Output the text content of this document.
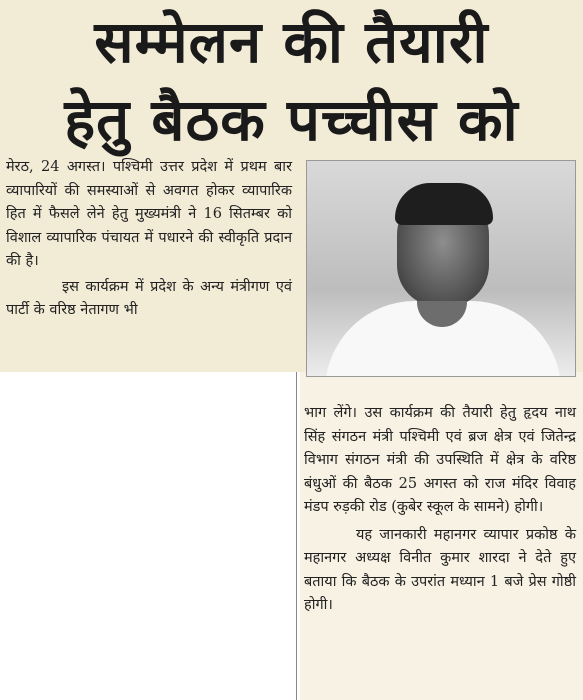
सम्मेलन की तैयारी
हेतु बैठक पच्चीस को

मेरठ, 24 अगस्त। पश्चिमी उत्तर प्रदेश में प्रथम बार व्यापारियों की समस्याओं से अवगत होकर व्यापारिक हित में फैसले लेने हेतु मुख्यमंत्री ने 16 सितम्बर को विशाल व्यापारिक पंचायत में पधारने की स्वीकृति प्रदान की है।

इस कार्यक्रम में प्रदेश के अन्य मंत्रीगण एवं पार्टी के वरिष्ठ नेतागण भी

भाग लेंगे। उस कार्यक्रम की तैयारी हेतु हृदय नाथ सिंह संगठन मंत्री पश्चिमी एवं ब्रज क्षेत्र एवं जितेन्द्र विभाग संगठन मंत्री की उपस्थिति में क्षेत्र के वरिष्ठ बंधुओं की बैठक 25 अगस्त को राज मंदिर विवाह मंडप रुड़की रोड (कुबेर स्कूल के सामने) होगी।

यह जानकारी महानगर व्यापार प्रकोष्ठ के महानगर अध्यक्ष विनीत कुमार शारदा ने देते हुए बताया कि बैठक के उपरांत मध्यान 1 बजे प्रेस गोष्ठी होगी।
